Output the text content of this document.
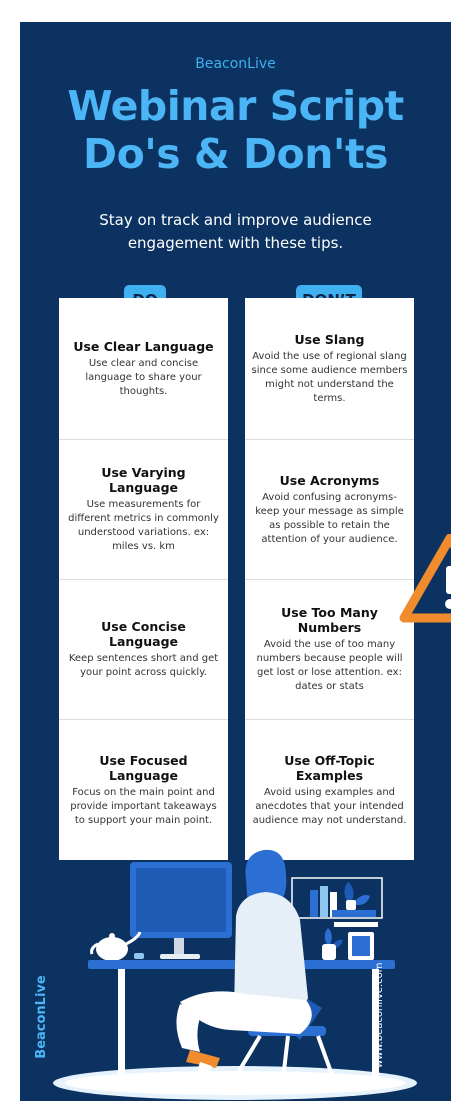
BeaconLive
Webinar Script
Do's & Don'ts
Stay on track and improve audience engagement with these tips.
Use Clear Language
Use clear and concise language to share your thoughts.
Use Varying Language
Use measurements for different metrics in commonly understood variations. ex: miles vs. km
Use Concise Language
Keep sentences short and get your point across quickly.
Use Focused Language
Focus on the main point and provide important takeaways to support your main point.
Use Slang
Avoid the use of regional slang since some audience members might not understand the terms.
Use Acronyms
Avoid confusing acronyms- keep your message as simple as possible to retain the attention of your audience.
Use Too Many Numbers
Avoid the use of too many numbers because people will get lost or lose attention. ex: dates or stats
Use Off-Topic Examples
Avoid using examples and anecdotes that your intended audience may not understand.
BeaconLive	www.beaconlive.com
